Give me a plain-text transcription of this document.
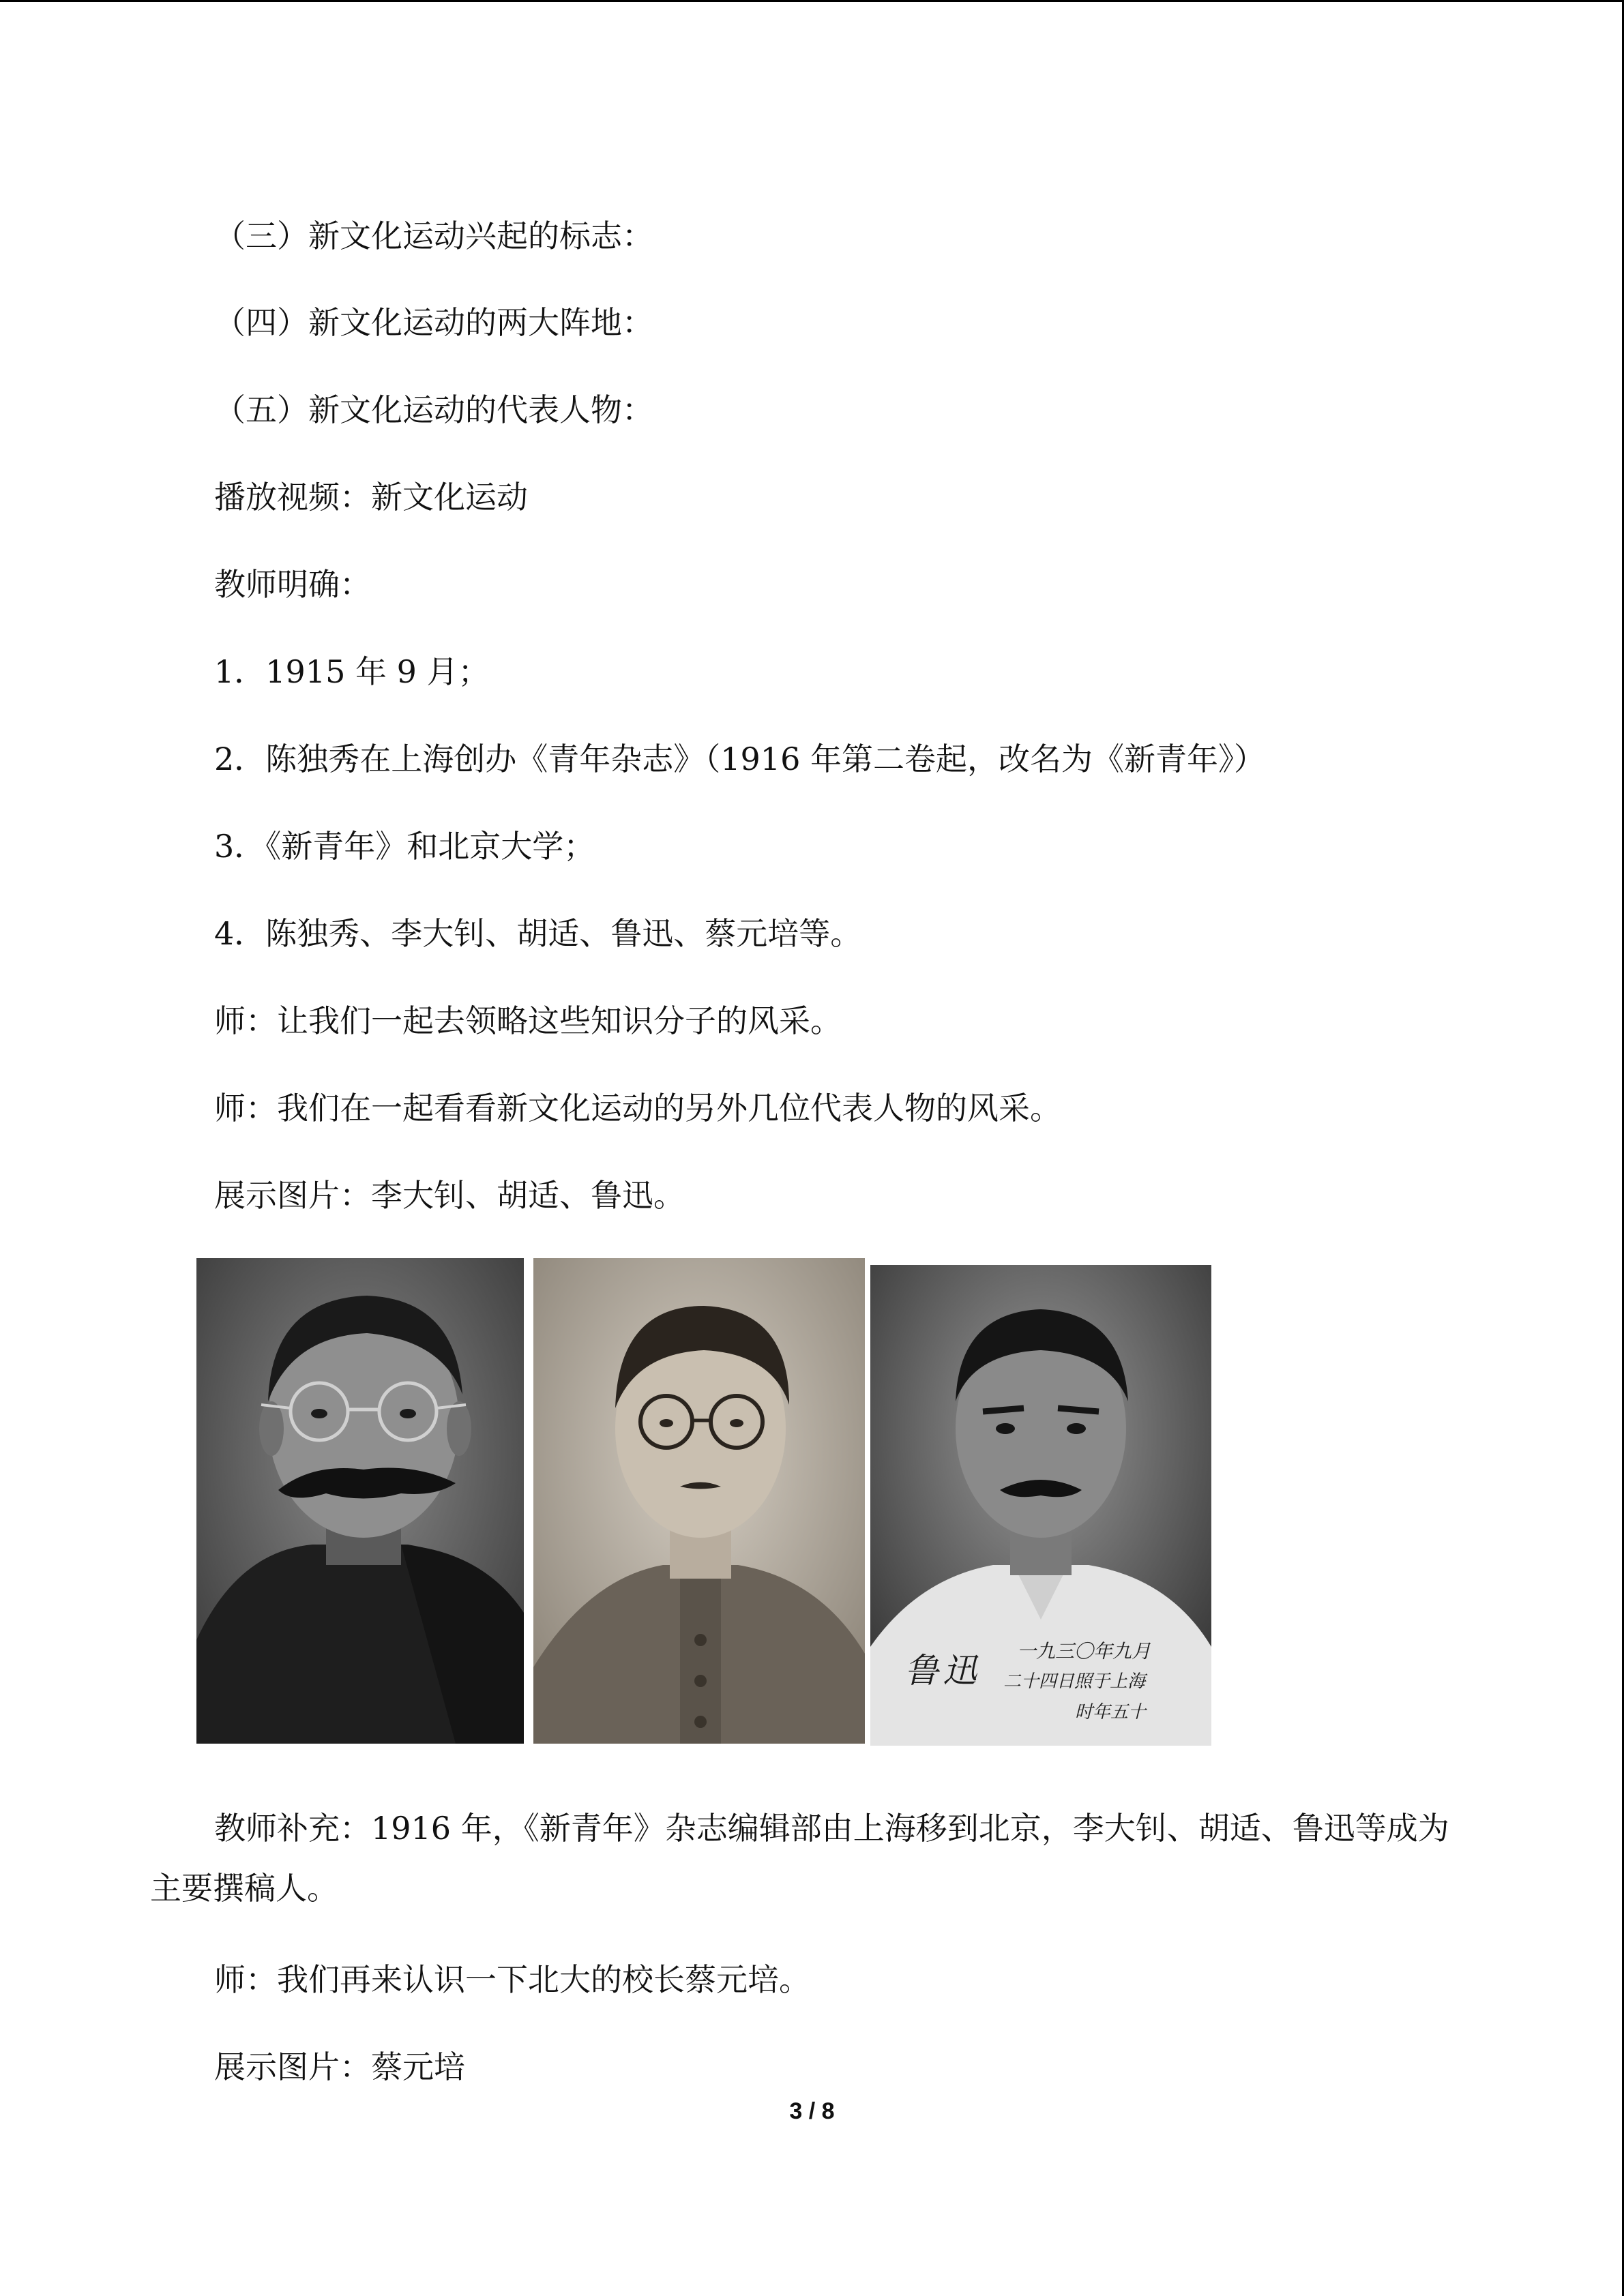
（三）新文化运动兴起的标志：
（四）新文化运动的两大阵地：
（五）新文化运动的代表人物：
播放视频：新文化运动
教师明确：
1．1915 年 9 月；
2．陈独秀在上海创办《青年杂志》（1916 年第二卷起，改名为《新青年》）
3．《新青年》和北京大学；
4．陈独秀、李大钊、胡适、鲁迅、蔡元培等。
师：让我们一起去领略这些知识分子的风采。
师：我们在一起看看新文化运动的另外几位代表人物的风采。
展示图片：李大钊、胡适、鲁迅。
鲁迅 一九三〇年九月
二十四日照于上海
时年五十
教师补充：1916 年，《新青年》杂志编辑部由上海移到北京，李大钊、胡适、鲁迅等成为主要撰稿人。
师：我们再来认识一下北大的校长蔡元培。
展示图片：蔡元培
3 / 8
